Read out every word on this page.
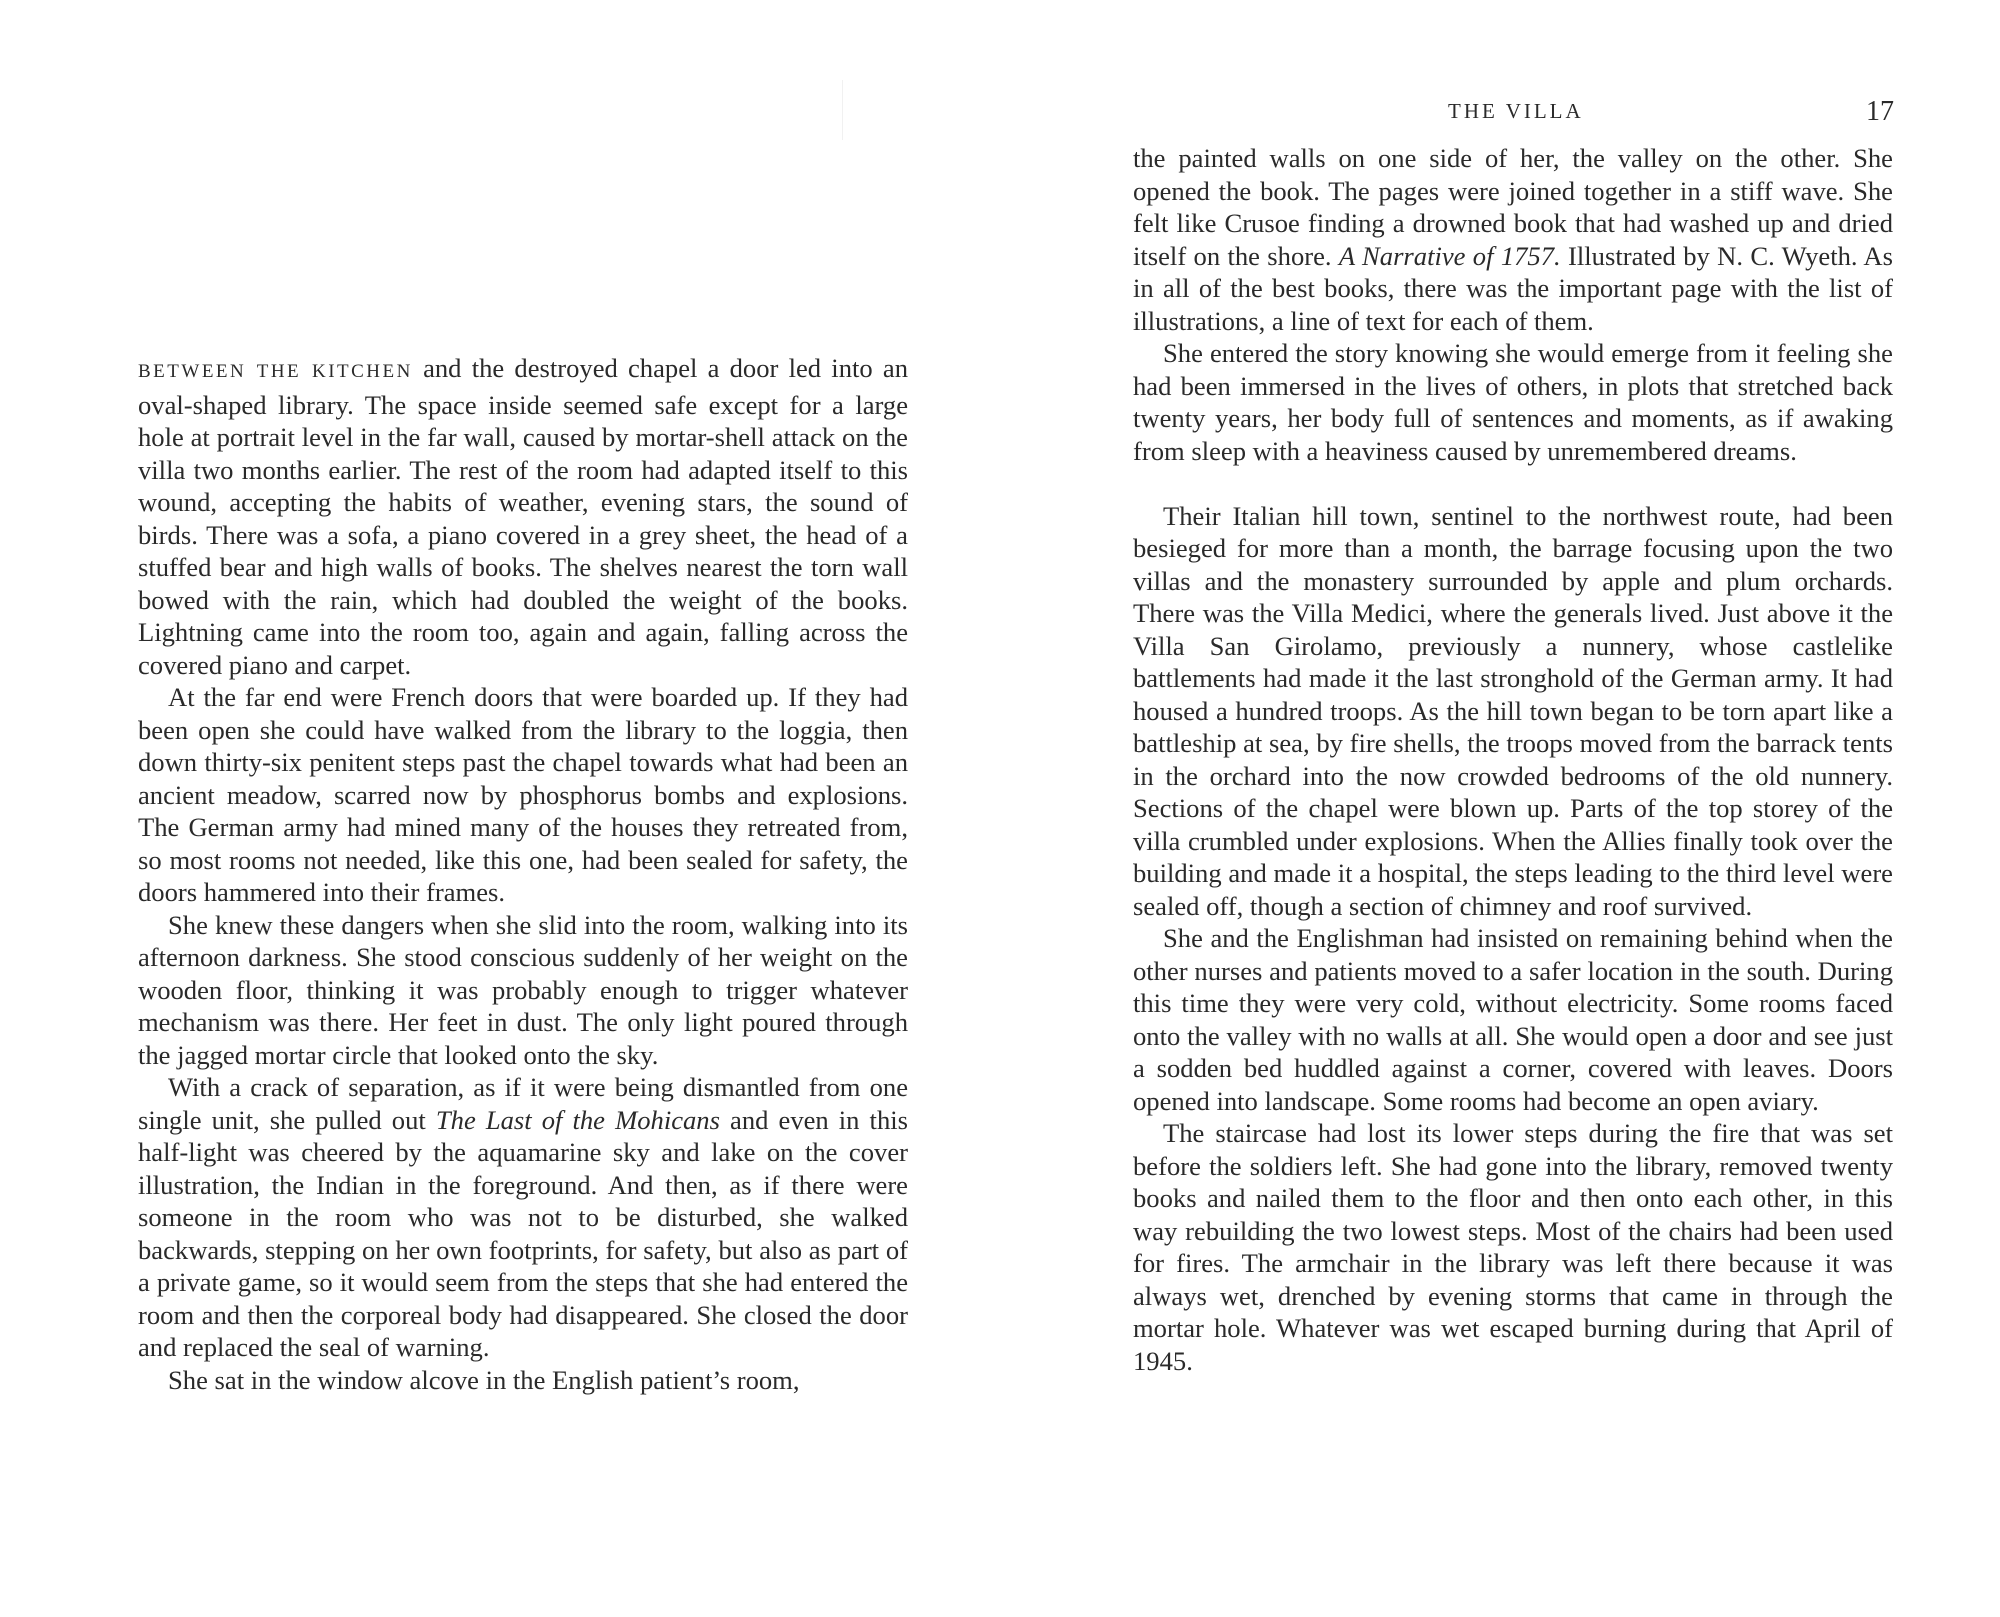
BETWEEN THE KITCHEN and the destroyed chapel a door led into an oval-shaped library. The space inside seemed safe except for a large hole at portrait level in the far wall, caused by mortar-shell attack on the villa two months earlier. The rest of the room had adapted itself to this wound, accepting the habits of weather, evening stars, the sound of birds. There was a sofa, a piano covered in a grey sheet, the head of a stuffed bear and high walls of books. The shelves nearest the torn wall bowed with the rain, which had doubled the weight of the books. Lightning came into the room too, again and again, falling across the covered piano and carpet.

At the far end were French doors that were boarded up. If they had been open she could have walked from the library to the loggia, then down thirty-six penitent steps past the chapel towards what had been an ancient meadow, scarred now by phosphorus bombs and explosions. The German army had mined many of the houses they retreated from, so most rooms not needed, like this one, had been sealed for safety, the doors hammered into their frames.

She knew these dangers when she slid into the room, walking into its afternoon darkness. She stood conscious suddenly of her weight on the wooden floor, thinking it was probably enough to trigger whatever mechanism was there. Her feet in dust. The only light poured through the jagged mortar circle that looked onto the sky.

With a crack of separation, as if it were being dismantled from one single unit, she pulled out The Last of the Mohicans and even in this half-light was cheered by the aquamarine sky and lake on the cover illustration, the Indian in the foreground. And then, as if there were someone in the room who was not to be disturbed, she walked backwards, stepping on her own footprints, for safety, but also as part of a private game, so it would seem from the steps that she had entered the room and then the corporeal body had disappeared. She closed the door and replaced the seal of warning.

She sat in the window alcove in the English patient’s room,

THE VILLA	17

the painted walls on one side of her, the valley on the other. She opened the book. The pages were joined together in a stiff wave. She felt like Crusoe finding a drowned book that had washed up and dried itself on the shore. A Narrative of 1757. Illustrated by N. C. Wyeth. As in all of the best books, there was the important page with the list of illustrations, a line of text for each of them.

She entered the story knowing she would emerge from it feeling she had been immersed in the lives of others, in plots that stretched back twenty years, her body full of sentences and moments, as if awaking from sleep with a heaviness caused by unremembered dreams.

Their Italian hill town, sentinel to the northwest route, had been besieged for more than a month, the barrage focusing upon the two villas and the monastery surrounded by apple and plum orchards. There was the Villa Medici, where the generals lived. Just above it the Villa San Girolamo, previously a nunnery, whose castlelike battlements had made it the last stronghold of the German army. It had housed a hundred troops. As the hill town began to be torn apart like a battleship at sea, by fire shells, the troops moved from the barrack tents in the orchard into the now crowded bedrooms of the old nunnery. Sections of the chapel were blown up. Parts of the top storey of the villa crumbled under explosions. When the Allies finally took over the building and made it a hospital, the steps leading to the third level were sealed off, though a section of chimney and roof survived.

She and the Englishman had insisted on remaining behind when the other nurses and patients moved to a safer location in the south. During this time they were very cold, without electricity. Some rooms faced onto the valley with no walls at all. She would open a door and see just a sodden bed huddled against a corner, covered with leaves. Doors opened into landscape. Some rooms had become an open aviary.

The staircase had lost its lower steps during the fire that was set before the soldiers left. She had gone into the library, removed twenty books and nailed them to the floor and then onto each other, in this way rebuilding the two lowest steps. Most of the chairs had been used for fires. The armchair in the library was left there because it was always wet, drenched by evening storms that came in through the mortar hole. Whatever was wet escaped burning during that April of 1945.
